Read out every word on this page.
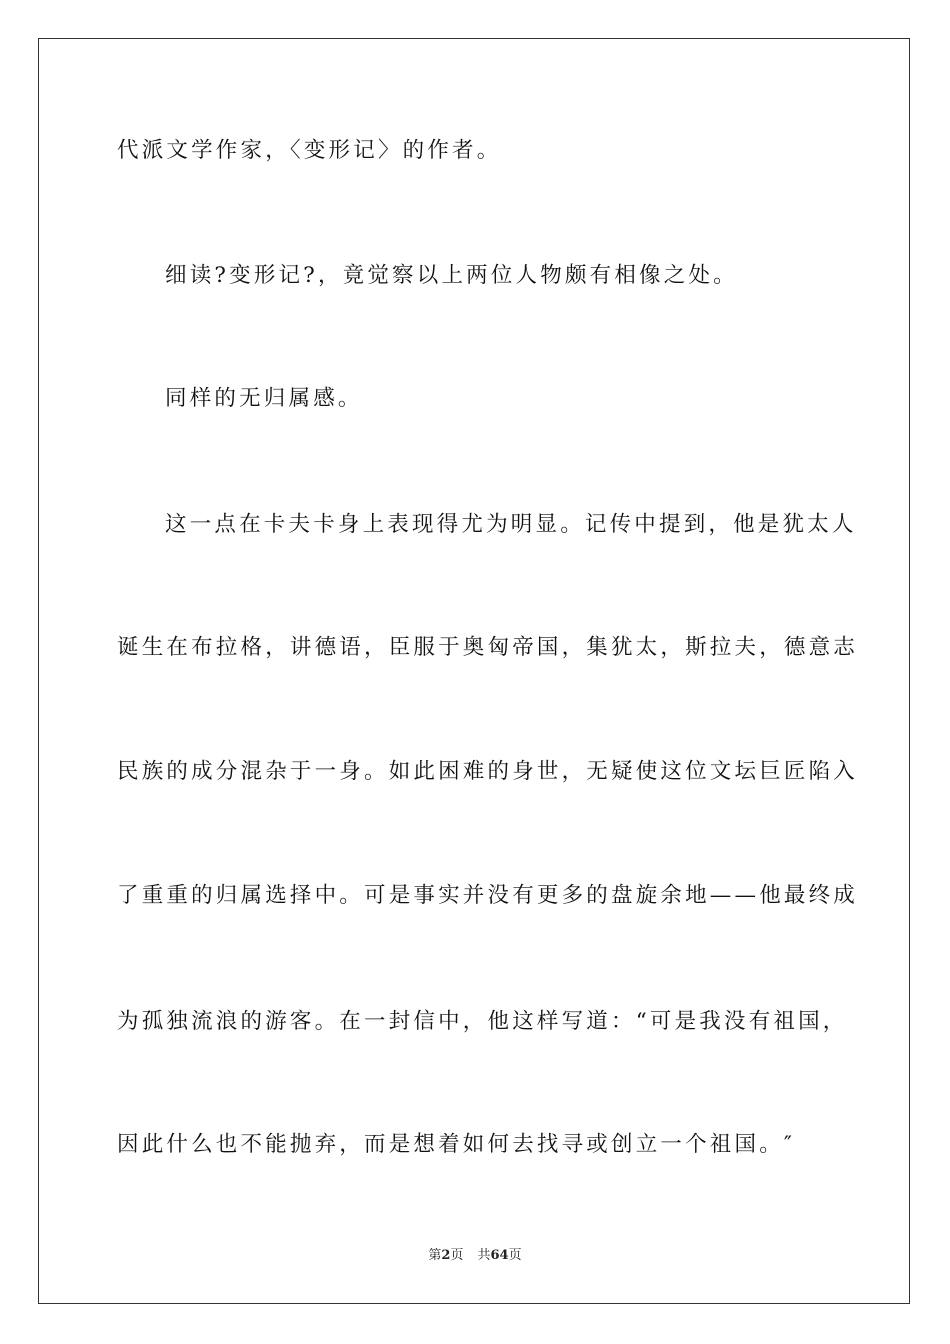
代派文学作家，〈变形记〉的作者。
细读?变形记?，竟觉察以上两位人物颇有相像之处。
同样的无归属感。
这一点在卡夫卡身上表现得尤为明显。记传中提到，他是犹太人
诞生在布拉格，讲德语，臣服于奥匈帝国，集犹太，斯拉夫，德意志
民族的成分混杂于一身。如此困难的身世，无疑使这位文坛巨匠陷入
了重重的归属选择中。可是事实并没有更多的盘旋余地——他最终成
为孤独流浪的游客。在一封信中，他这样写道：“可是我没有祖国，
因此什么也不能抛弃，而是想着如何去找寻或创立一个祖国。″
第2页 共64页
